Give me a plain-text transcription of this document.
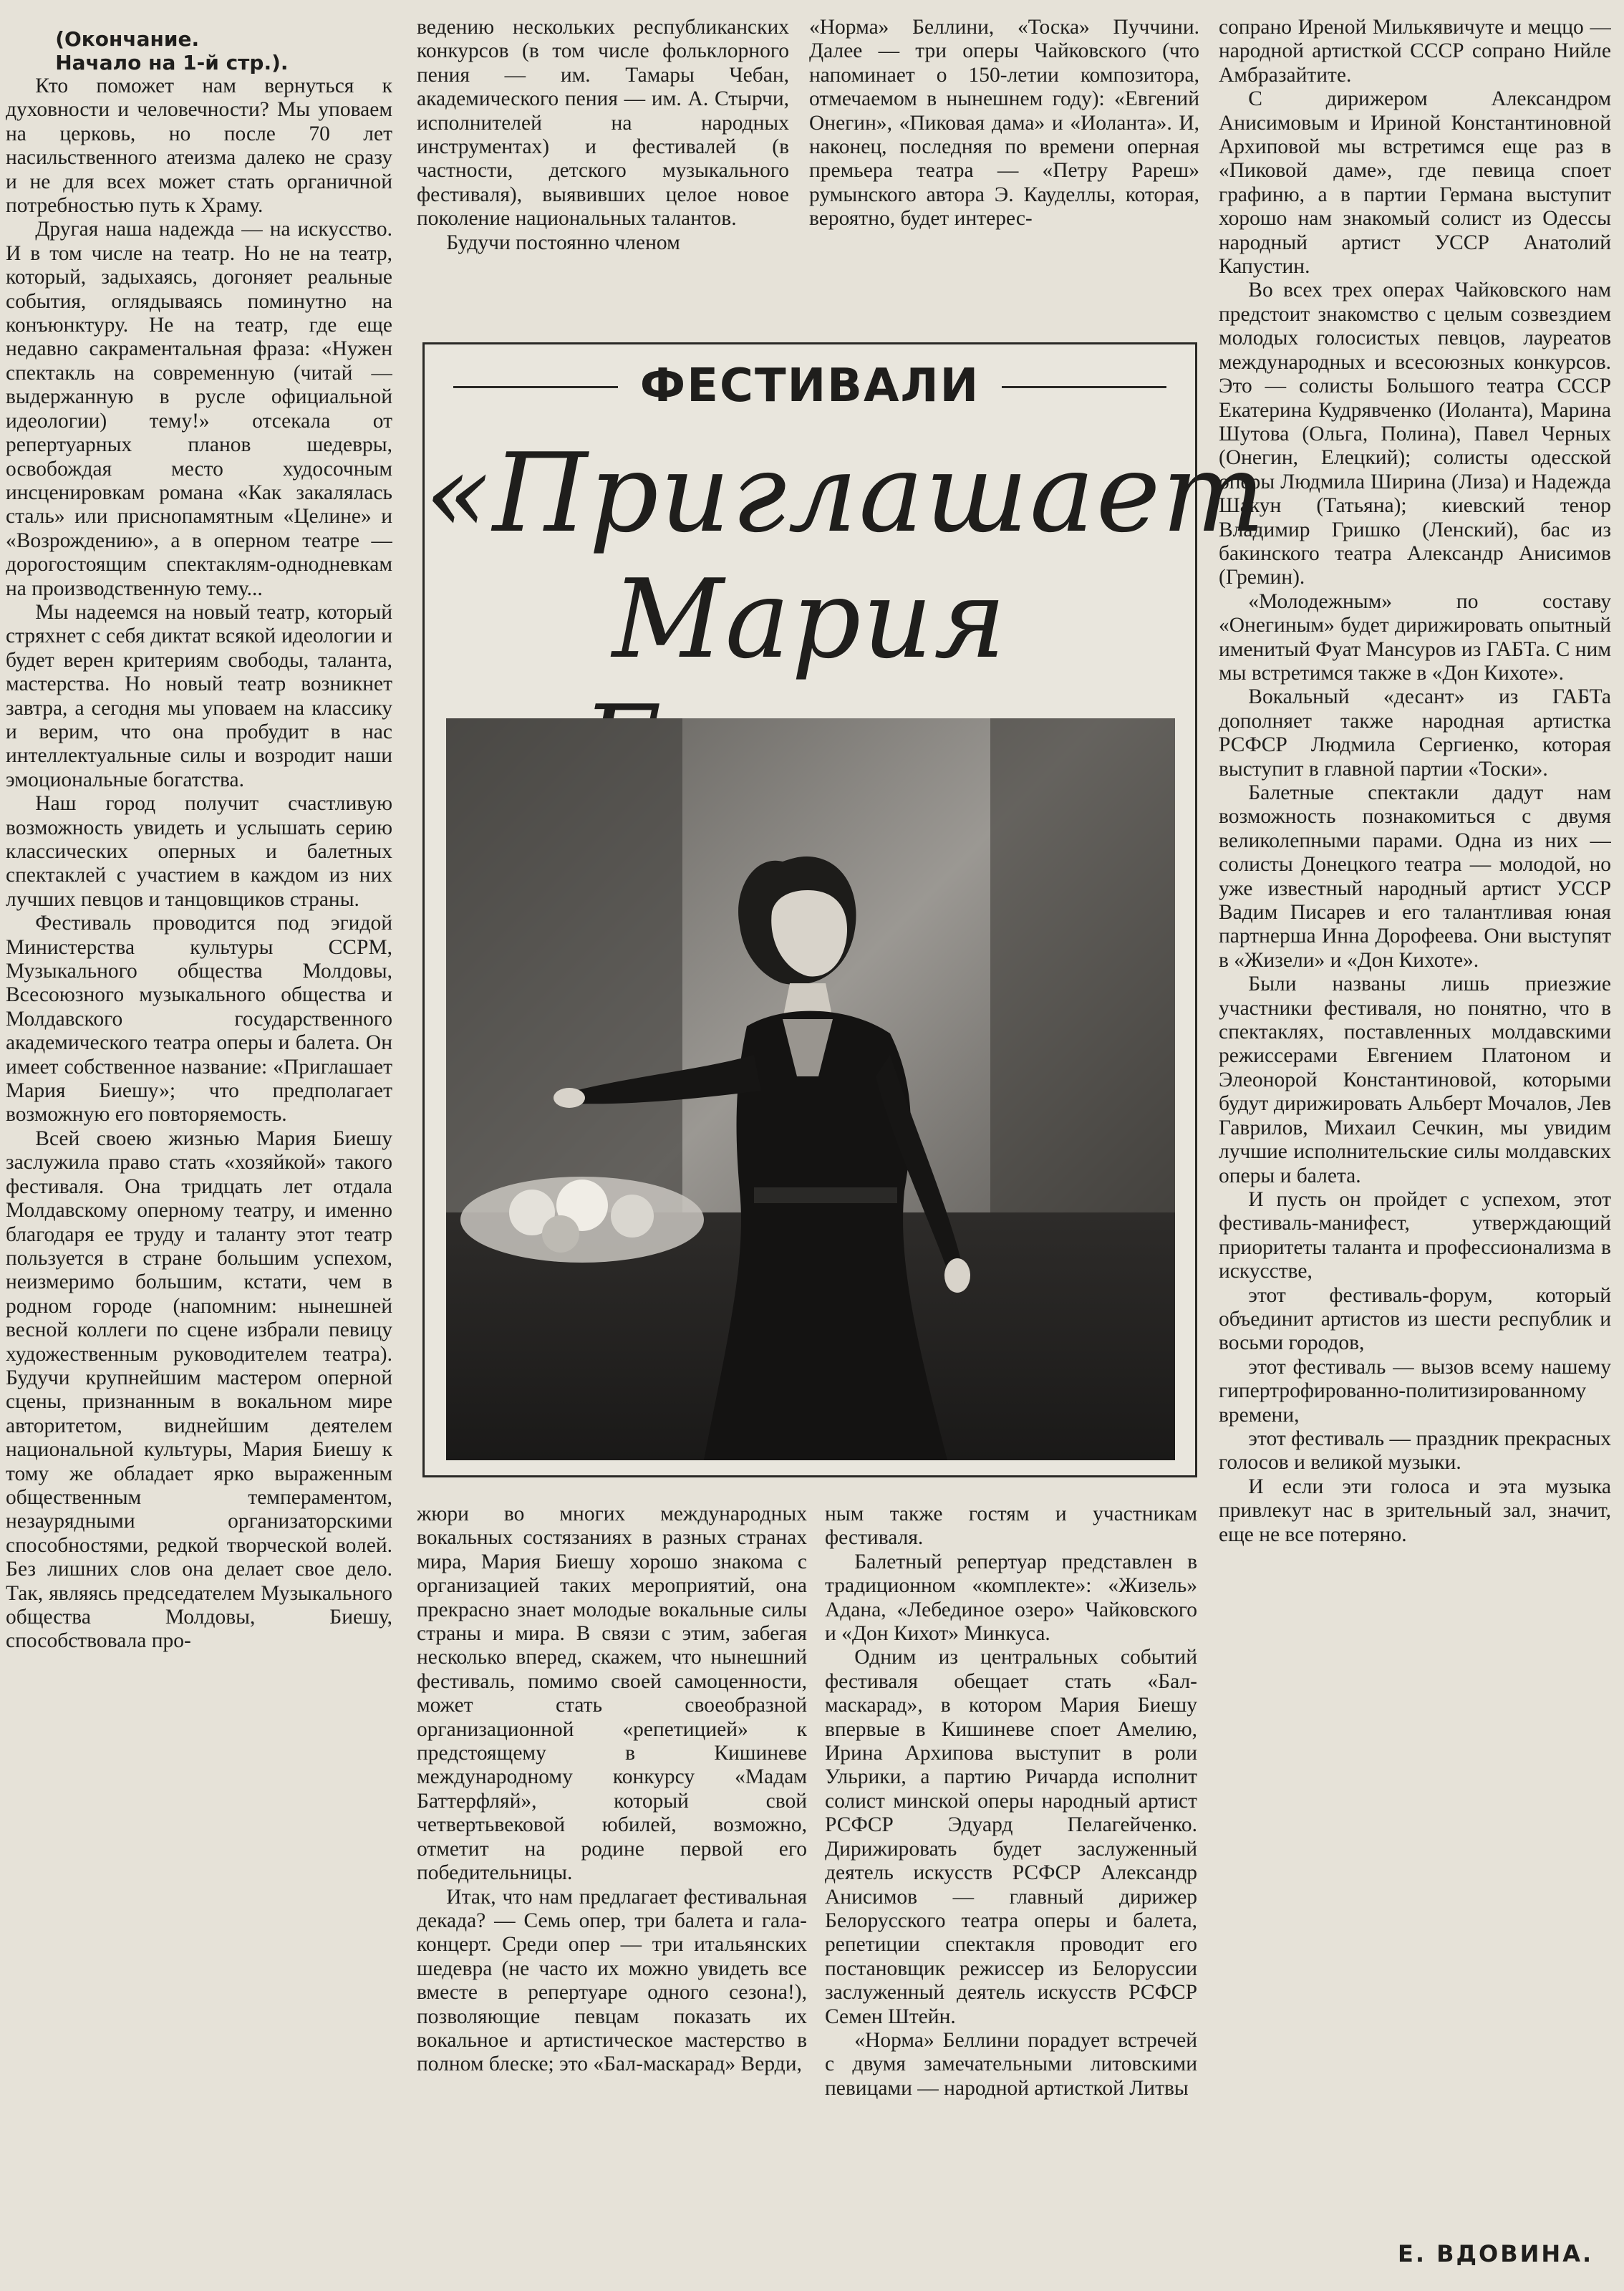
(Окончание.

Начало на 1-й стр.).

Кто поможет нам вернуться к духовности и человечности? Мы уповаем на церковь, но после 70 лет насильственного атеизма далеко не сразу и не для всех может стать органичной потребностью путь к Храму.

Другая наша надежда — на искусство. И в том числе на театр. Но не на театр, который, задыхаясь, догоняет реальные события, оглядываясь поминутно на конъюнктуру. Не на театр, где еще недавно сакраментальная фраза: «Нужен спектакль на современную (читай — выдержанную в русле официальной идеологии) тему!» отсекала от репертуарных планов шедевры, освобождая место худосочным инсценировкам романа «Как закалялась сталь» или приснопамятным «Целине» и «Возрождению», а в оперном театре — дорогостоящим спектаклям-однодневкам на производственную тему...

Мы надеемся на новый театр, который стряхнет с себя диктат всякой идеологии и будет верен критериям свободы, таланта, мастерства. Но новый театр возникнет завтра, а сегодня мы уповаем на классику и верим, что она пробудит в нас интеллектуальные силы и возродит наши эмоциональные богатства.

Наш город получит счастливую возможность увидеть и услышать серию классических оперных и балетных спектаклей с участием в каждом из них лучших певцов и танцовщиков страны.

Фестиваль проводится под эгидой Министерства культуры ССРМ, Музыкального общества Молдовы, Всесоюзного музыкального общества и Молдавского государственного академического театра оперы и балета. Он имеет собственное название: «Приглашает Мария Биешу»; что предполагает возможную его повторяемость.

Всей своею жизнью Мария Биешу заслужила право стать «хозяйкой» такого фестиваля. Она тридцать лет отдала Молдавскому оперному театру, и именно благодаря ее труду и таланту этот театр пользуется в стране большим успехом, неизмеримо большим, кстати, чем в родном городе (напомним: нынешней весной коллеги по сцене избрали певицу художественным руководителем театра). Будучи крупнейшим мастером оперной сцены, признанным в вокальном мире авторитетом, виднейшим деятелем национальной культуры, Мария Биешу к тому же обладает ярко выраженным общественным темпераментом, незаурядными организаторскими способностями, редкой творческой волей. Без лишних слов она делает свое дело. Так, являясь председателем Музыкального общества Молдовы, Биешу, способствовала про-

ведению нескольких республиканских конкурсов (в том числе фольклорного пения — им. Тамары Чебан, академического пения — им. А. Стырчи, исполнителей на народных инструментах) и фестивалей (в частности, детского музыкального фестиваля), выявивших целое новое поколение национальных талантов.

Будучи постоянно членом

«Норма» Беллини, «Тоска» Пуччини. Далее — три оперы Чайковского (что напоминает о 150-летии композитора, отмечаемом в нынешнем году): «Евгений Онегин», «Пиковая дама» и «Иоланта». И, наконец, последняя по времени оперная премьера театра — «Петру Рареш» румынского автора Э. Кауделлы, которая, вероятно, будет интерес-

ФЕСТИВАЛИ
«Приглашает
Мария

жюри во многих международных вокальных состязаниях в разных странах мира, Мария Биешу хорошо знакома с организацией таких мероприятий, она прекрасно знает молодые вокальные силы страны и мира. В связи с этим, забегая несколько вперед, скажем, что нынешний фестиваль, помимо своей самоценности, может стать своеобразной организационной «репетицией» к предстоящему в Кишиневе международному конкурсу «Мадам Баттерфляй», который свой четвертьвековой юбилей, возможно, отметит на родине первой его победительницы.

Итак, что нам предлагает фестивальная декада? — Семь опер, три балета и гала-концерт. Среди опер — три итальянских шедевра (не часто их можно увидеть все вместе в репертуаре одного сезона!), позволяющие певцам показать их вокальное и артистическое мастерство в полном блеске; это «Бал-маскарад» Верди,

ным также гостям и участникам фестиваля.

Балетный репертуар представлен в традиционном «комплекте»: «Жизель» Адана, «Лебединое озеро» Чайковского и «Дон Кихот» Минкуса.

Одним из центральных событий фестиваля обещает стать «Бал-маскарад», в котором Мария Биешу впервые в Кишиневе споет Амелию, Ирина Архипова выступит в роли Ульрики, а партию Ричарда исполнит солист минской оперы народный артист РСФСР Эдуард Пелагейченко. Дирижировать будет заслуженный деятель искусств РСФСР Александр Анисимов — главный дирижер Белорусского театра оперы и балета, репетиции спектакля проводит его постановщик режиссер из Белоруссии заслуженный деятель искусств РСФСР Семен Штейн.

«Норма» Беллини порадует встречей с двумя замечательными литовскими певицами — народной артисткой Литвы

сопрано Иреной Милькявичуте и меццо — народной артисткой СССР сопрано Нийле Амбразайтите.

С дирижером Александром Анисимовым и Ириной Константиновной Архиповой мы встретимся еще раз в «Пиковой даме», где певица споет графиню, а в партии Германа выступит хорошо нам знакомый солист из Одессы народный артист УССР Анатолий Капустин.

Во всех трех операх Чайковского нам предстоит знакомство с целым созвездием молодых голосистых певцов, лауреатов международных и всесоюзных конкурсов. Это — солисты Большого театра СССР Екатерина Кудрявченко (Иоланта), Марина Шутова (Ольга, Полина), Павел Черных (Онегин, Елецкий); солисты одесской оперы Людмила Ширина (Лиза) и Надежда Шакун (Татьяна); киевский тенор Владимир Гришко (Ленский), бас из бакинского театра Александр Анисимов (Гремин).

«Молодежным» по составу «Онегиным» будет дирижировать опытный именитый Фуат Мансуров из ГАБТа. С ним мы встретимся также в «Дон Кихоте».

Вокальный «десант» из ГАБТа дополняет также народная артистка РСФСР Людмила Сергиенко, которая выступит в главной партии «Тоски».

Балетные спектакли дадут нам возможность познакомиться с двумя великолепными парами. Одна из них — солисты Донецкого театра — молодой, но уже известный народный артист УССР Вадим Писарев и его талантливая юная партнерша Инна Дорофеева. Они выступят в «Жизели» и «Дон Кихоте».

Были названы лишь приезжие участники фестиваля, но понятно, что в спектаклях, поставленных молдавскими режиссерами Евгением Платоном и Элеонорой Константиновой, которыми будут дирижировать Альберт Мочалов, Лев Гаврилов, Михаил Сечкин, мы увидим лучшие исполнительские силы молдавских оперы и балета.

И пусть он пройдет с успехом, этот фестиваль-манифест, утверждающий приоритеты таланта и профессионализма в искусстве,

этот фестиваль-форум, который объединит артистов из шести республик и восьми городов,

этот фестиваль — вызов всему нашему гипертрофированно-политизированному времени,

этот фестиваль — праздник прекрасных голосов и великой музыки.

И если эти голоса и эта музыка привлекут нас в зрительный зал, значит, еще не все потеряно.

Е. ВДОВИНА.
